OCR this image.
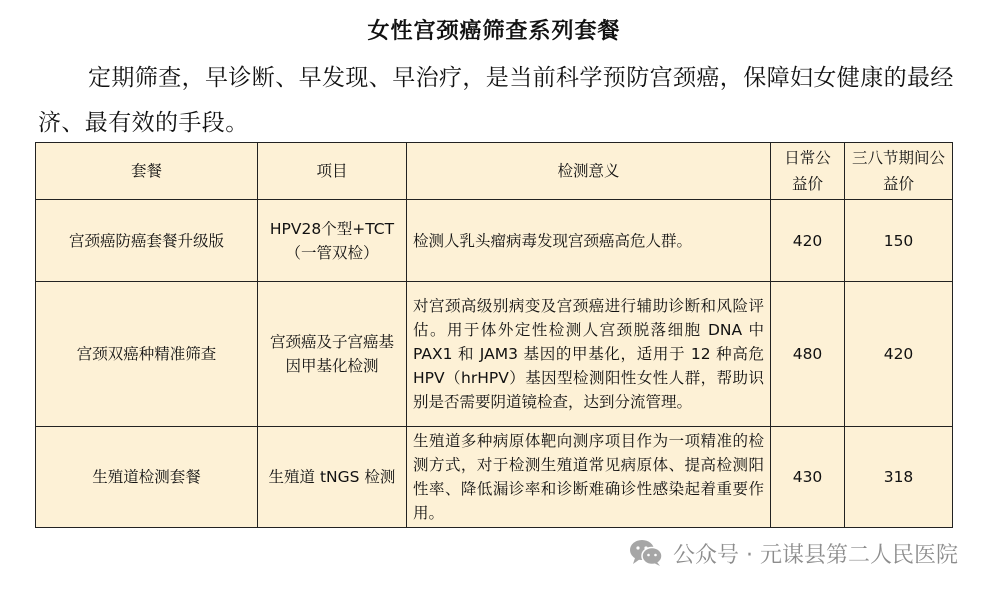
女性宫颈癌筛查系列套餐
定期筛查，早诊断、早发现、早治疗，是当前科学预防宫颈癌，保障妇女健康的最经济、最有效的手段。
套餐	项目	检测意义	日常公益价	三八节期间公益价
宫颈癌防癌套餐升级版	HPV28个型+TCT（一管双检）	检测人乳头瘤病毒发现宫颈癌高危人群。	420	150
宫颈双癌种精准筛查	宫颈癌及子宫癌基因甲基化检测	对宫颈高级别病变及宫颈癌进行辅助诊断和风险评估。用于体外定性检测人宫颈脱落细胞 DNA 中 PAX1 和 JAM3 基因的甲基化，适用于 12 种高危 HPV（hrHPV）基因型检测阳性女性人群，帮助识别是否需要阴道镜检查，达到分流管理。	480	420
生殖道检测套餐	生殖道 tNGS 检测	生殖道多种病原体靶向测序项目作为一项精准的检测方式，对于检测生殖道常见病原体、提高检测阳性率、降低漏诊率和诊断难确诊性感染起着重要作用。	430	318
公众号 · 元谋县第二人民医院
